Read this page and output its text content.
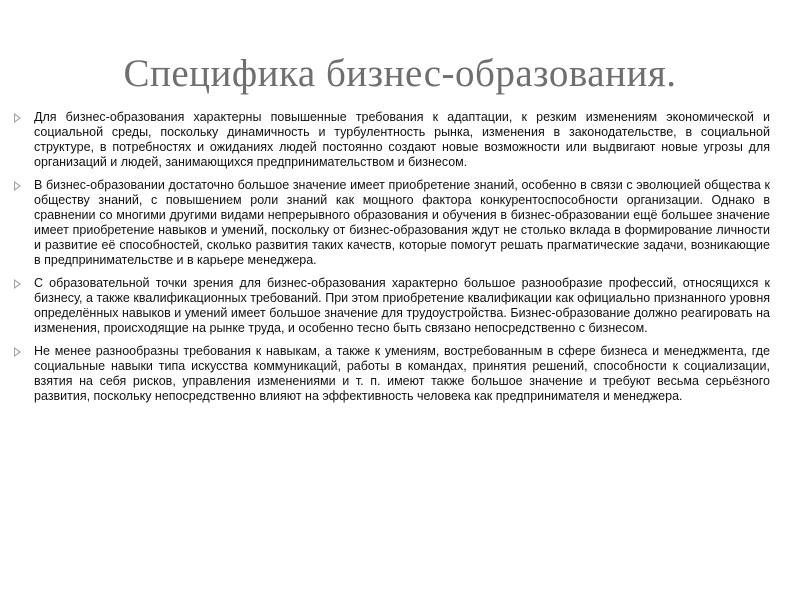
Специфика бизнес-образования.

Для бизнес-образования характерны повышенные требования к адаптации, к резким изменениям экономической и социальной среды, поскольку динамичность и турбулентность рынка, изменения в законодательстве, в социальной структуре, в потребностях и ожиданиях людей постоянно создают новые возможности или выдвигают новые угрозы для организаций и людей, занимающихся предпринимательством и бизнесом.

В бизнес-образовании достаточно большое значение имеет приобретение знаний, особенно в связи с эволюцией общества к обществу знаний, с повышением роли знаний как мощного фактора конкурентоспособности организации. Однако в сравнении со многими другими видами непрерывного образования и обучения в бизнес-образовании ещё большее значение имеет приобретение навыков и умений, поскольку от бизнес-образования ждут не столько вклада в формирование личности и развитие её способностей, сколько развития таких качеств, которые помогут решать прагматические задачи, возникающие в предпринимательстве и в карьере менеджера.

С образовательной точки зрения для бизнес-образования характерно большое разнообразие профессий, относящихся к бизнесу, а также квалификационных требований. При этом приобретение квалификации как официально признанного уровня определённых навыков и умений имеет большое значение для трудоустройства. Бизнес-образование должно реагировать на изменения, происходящие на рынке труда, и особенно тесно быть связано непосредственно с бизнесом.

Не менее разнообразны требования к навыкам, а также к умениям, востребованным в сфере бизнеса и менеджмента, где социальные навыки типа искусства коммуникаций, работы в командах, принятия решений, способности к социализации, взятия на себя рисков, управления изменениями и т. п. имеют также большое значение и требуют весьма серьёзного развития, поскольку непосредственно влияют на эффективность человека как предпринимателя и менеджера.
